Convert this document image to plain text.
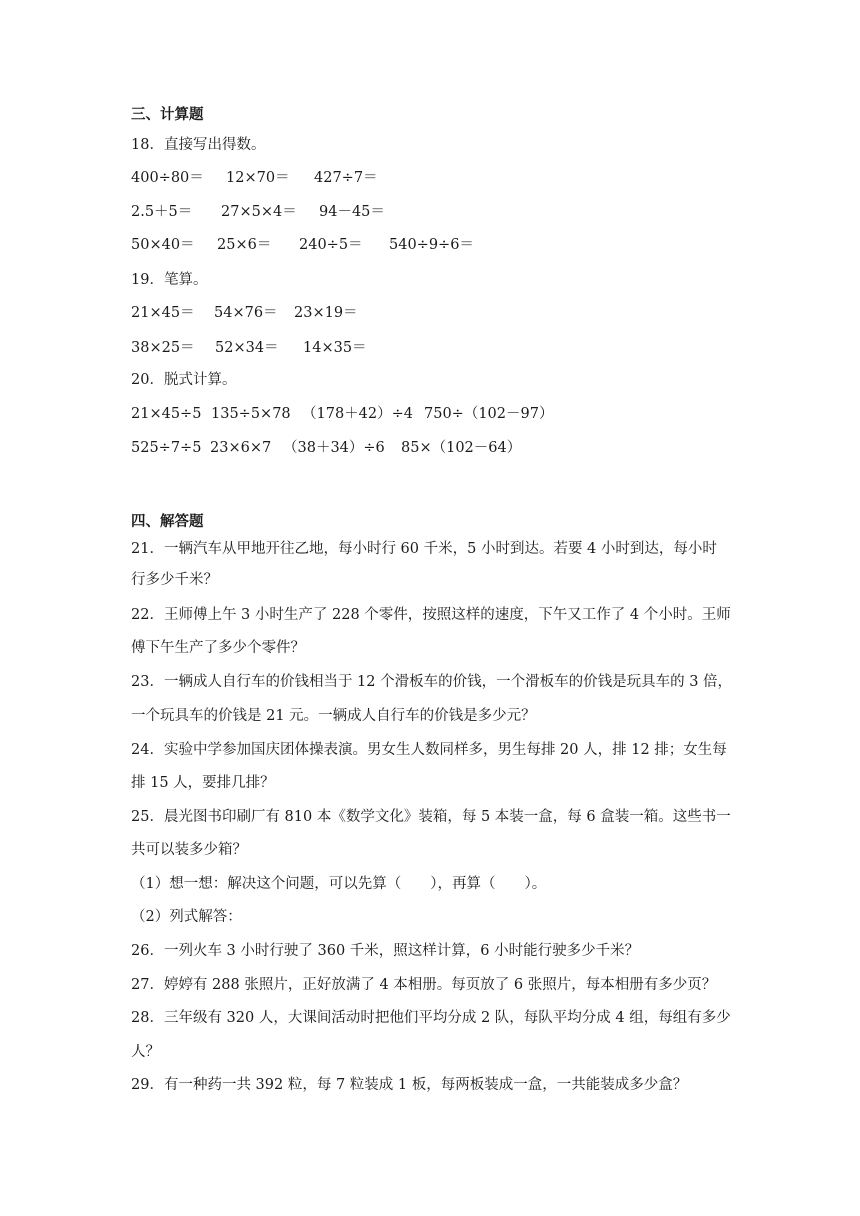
三、计算题
18．直接写出得数。
400÷80＝ 12×70＝ 427÷7＝
2.5＋5＝ 27×5×4＝ 94－45＝
50×40＝ 25×6＝ 240÷5＝ 540÷9÷6＝
19．笔算。
21×45＝ 54×76＝ 23×19＝
38×25＝ 52×34＝ 14×35＝
20．脱式计算。
21×45÷5 135÷5×78 （178＋42）÷4 750÷（102－97）
525÷7÷5 23×6×7 （38＋34）÷6 85×（102－64）
四、解答题
21．一辆汽车从甲地开往乙地，每小时行 60 千米，5 小时到达。若要 4 小时到达，每小时
行多少千米？
22．王师傅上午 3 小时生产了 228 个零件，按照这样的速度，下午又工作了 4 个小时。王师
傅下午生产了多少个零件？
23．一辆成人自行车的价钱相当于 12 个滑板车的价钱，一个滑板车的价钱是玩具车的 3 倍，
一个玩具车的价钱是 21 元。一辆成人自行车的价钱是多少元？
24．实验中学参加国庆团体操表演。男女生人数同样多，男生每排 20 人，排 12 排；女生每
排 15 人，要排几排？
25．晨光图书印刷厂有 810 本《数学文化》装箱，每 5 本装一盒，每 6 盒装一箱。这些书一
共可以装多少箱？
（1）想一想：解决这个问题，可以先算（　　），再算（　　）。
（2）列式解答：
26．一列火车 3 小时行驶了 360 千米，照这样计算，6 小时能行驶多少千米？
27．婷婷有 288 张照片，正好放满了 4 本相册。每页放了 6 张照片，每本相册有多少页？
28．三年级有 320 人，大课间活动时把他们平均分成 2 队，每队平均分成 4 组，每组有多少
人？
29．有一种药一共 392 粒，每 7 粒装成 1 板，每两板装成一盒，一共能装成多少盒？
